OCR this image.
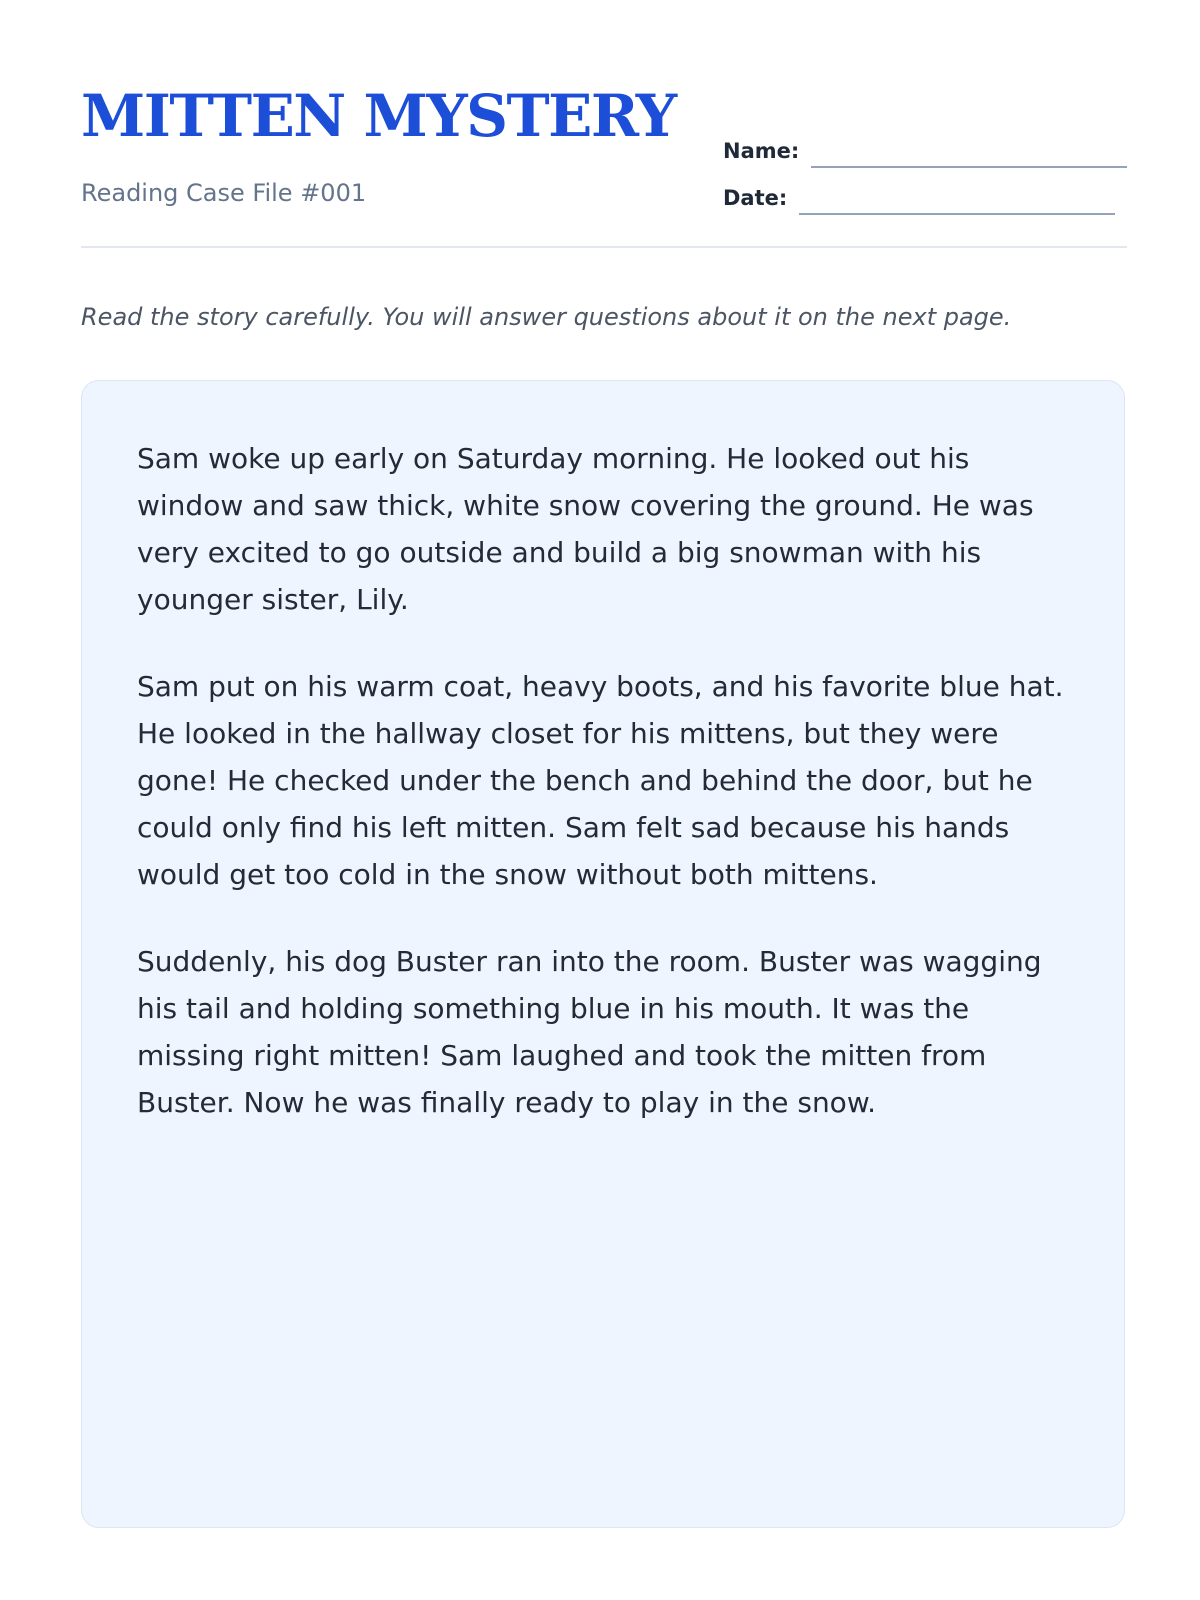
MITTEN MYSTERY
Reading Case File #001
Name:
Date:
Read the story carefully. You will answer questions about it on the next page.

Sam woke up early on Saturday morning. He looked out his window and saw thick, white snow covering the ground. He was very excited to go outside and build a big snowman with his younger sister, Lily.

Sam put on his warm coat, heavy boots, and his favorite blue hat. He looked in the hallway closet for his mittens, but they were gone! He checked under the bench and behind the door, but he could only find his left mitten. Sam felt sad because his hands would get too cold in the snow without both mittens.

Suddenly, his dog Buster ran into the room. Buster was wagging his tail and holding something blue in his mouth. It was the missing right mitten! Sam laughed and took the mitten from Buster. Now he was finally ready to play in the snow.
